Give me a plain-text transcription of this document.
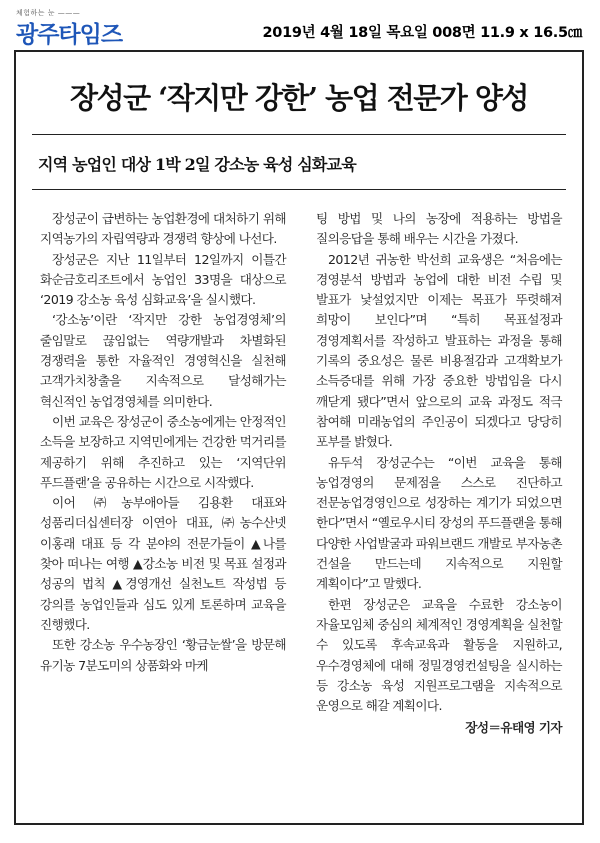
체험하는 눈 ———
광주타임즈	2019년 4월 18일 목요일 008면 11.9 x 16.5㎝
장성군 ‘작지만 강한’ 농업 전문가 양성
지역 농업인 대상 1박 2일 강소농 육성 심화교육

장성군이 급변하는 농업환경에 대처하기 위해 지역농가의 자립역량과 경쟁력 향상에 나선다.

장성군은 지난 11일부터 12일까지 이틀간 화순금호리조트에서 농업인 33명을 대상으로 ‘2019 강소농 육성 심화교육’을 실시했다.

‘강소농’이란 ‘작지만 강한 농업경영체’의 줄임말로 끊임없는 역량개발과 차별화된 경쟁력을 통한 자율적인 경영혁신을 실천해 고객가치창출을 지속적으로 달성해가는 혁신적인 농업경영체를 의미한다.

이번 교육은 장성군이 중소농에게는 안정적인 소득을 보장하고 지역민에게는 건강한 먹거리를 제공하기 위해 추진하고 있는 ‘지역단위 푸드플랜’을 공유하는 시간으로 시작했다.

이어 ㈜농부애아들 김용환 대표와 성품리더십센터장 이연아 대표, ㈜농수산넷 이홍래 대표 등 각 분야의 전문가들이 ▲나를 찾아 떠나는 여행 ▲강소농 비전 및 목표 설정과 성공의 법칙 ▲경영개선 실천노트 작성법 등 강의를 농업인들과 심도 있게 토론하며 교육을 진행했다.

또한 강소농 우수농장인 ‘황금눈쌀’을 방문해 유기농 7분도미의 상품화와 마케

팅 방법 및 나의 농장에 적용하는 방법을 질의응답을 통해 배우는 시간을 가졌다.

2012년 귀농한 박선희 교육생은 “처음에는 경영분석 방법과 농업에 대한 비전 수립 및 발표가 낯설었지만 이제는 목표가 뚜렷해져 희망이 보인다”며 “특히 목표설정과 경영계획서를 작성하고 발표하는 과정을 통해 기록의 중요성은 물론 비용절감과 고객확보가 소득증대를 위해 가장 중요한 방법임을 다시 깨닫게 됐다”면서 앞으로의 교육 과정도 적극 참여해 미래농업의 주인공이 되겠다고 당당히 포부를 밝혔다.

유두석 장성군수는 “이번 교육을 통해 농업경영의 문제점을 스스로 진단하고 전문농업경영인으로 성장하는 계기가 되었으면 한다”면서 “옐로우시티 장성의 푸드플랜을 통해 다양한 사업발굴과 파워브랜드 개발로 부자농촌 건설을 만드는데 지속적으로 지원할 계획이다”고 말했다.

한편 장성군은 교육을 수료한 강소농이 자율모임체 중심의 체계적인 경영계획을 실천할 수 있도록 후속교육과 활동을 지원하고, 우수경영체에 대해 정밀경영컨설팅을 실시하는 등 강소농 육성 지원프로그램을 지속적으로 운영으로 해갈 계획이다.

장성＝유태영 기자
